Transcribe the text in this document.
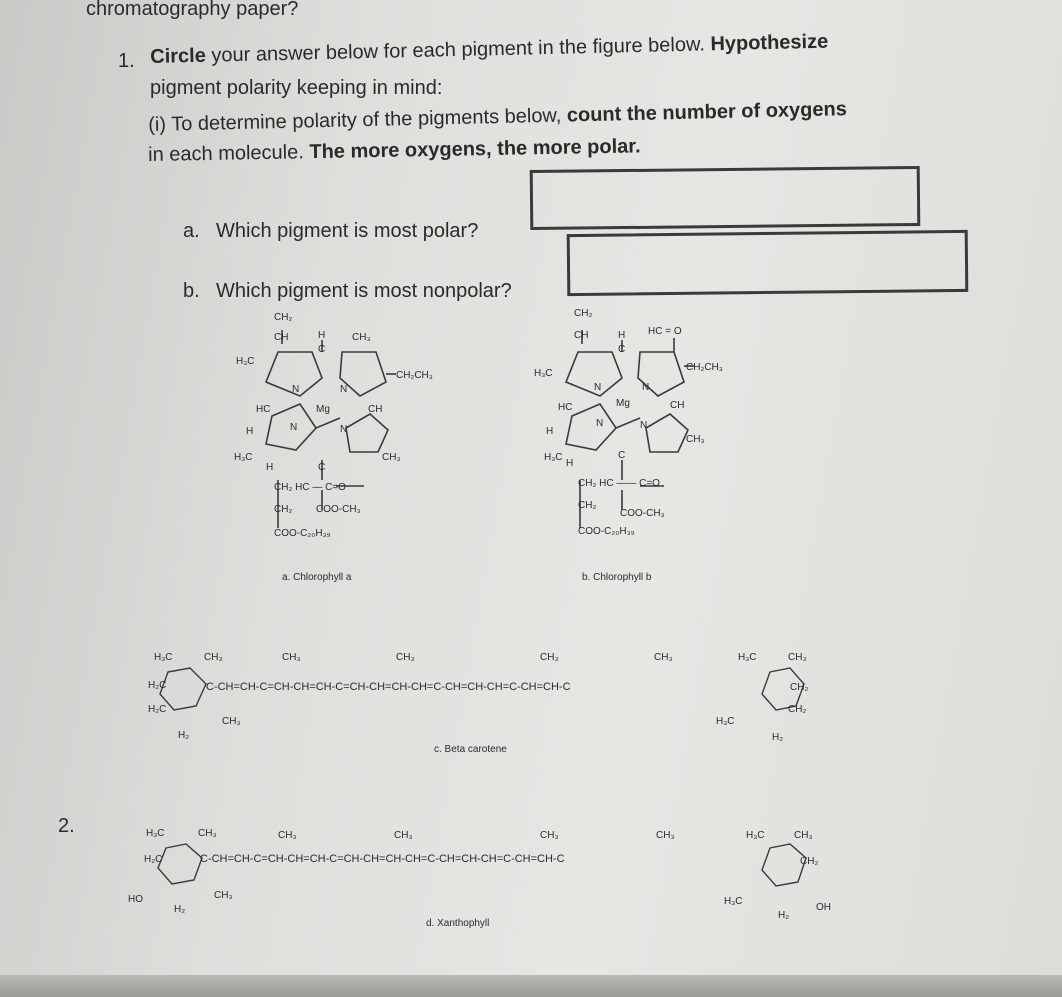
chromatography paper?
1. Circle your answer below for each pigment in the figure below. Hypothesize
pigment polarity keeping in mind:
(i) To determine polarity of the pigments below, count the number of oxygens
in each molecule. The more oxygens, the more polar.
a. Which pigment is most polar?
b. Which pigment is most nonpolar?
2.
CH₂
CH	H
C
CH₃
H₃C
CH₂CH₃
N	N
HC	Mg	CH
N	N
H
H₃C	CH₃
H	C
CH₂ HC — C=O
CH₂ COO-CH₃
COO-C₂₀H₃₉
CH₂
CH	H
C
HC = O
H₃C
CH₂CH₃
N	N
HC	Mg	CH
N	N
CH₃
H
H₃C
H
C
CH₂ HC —— C=O
CH₂
COO-CH₃
COO-C₂₀H₃₉
H₃C	CH₃	CH₃	CH₃	CH₃	CH₃	H₃C	CH₃
H₂C	C-CH=CH-C=CH-CH=CH-C=CH-CH=CH-CH=C-CH=CH-CH=C-CH=CH-C	CH₂
H₂C
CH₃
H₂
H₃C
CH₂
H₂
H₃C	CH₃	CH₃	CH₃	CH₃	CH₃	H₃C	CH₃
H₂C	C-CH=CH-C=CH-CH=CH-C=CH-CH=CH-CH=C-CH=CH-CH=C-CH=CH-C	CH₂
HO	CH₃
H₂
H₃C
OH
H₂
a. Chlorophyll a	b. Chlorophyll b
c. Beta carotene
d. Xanthophyll
